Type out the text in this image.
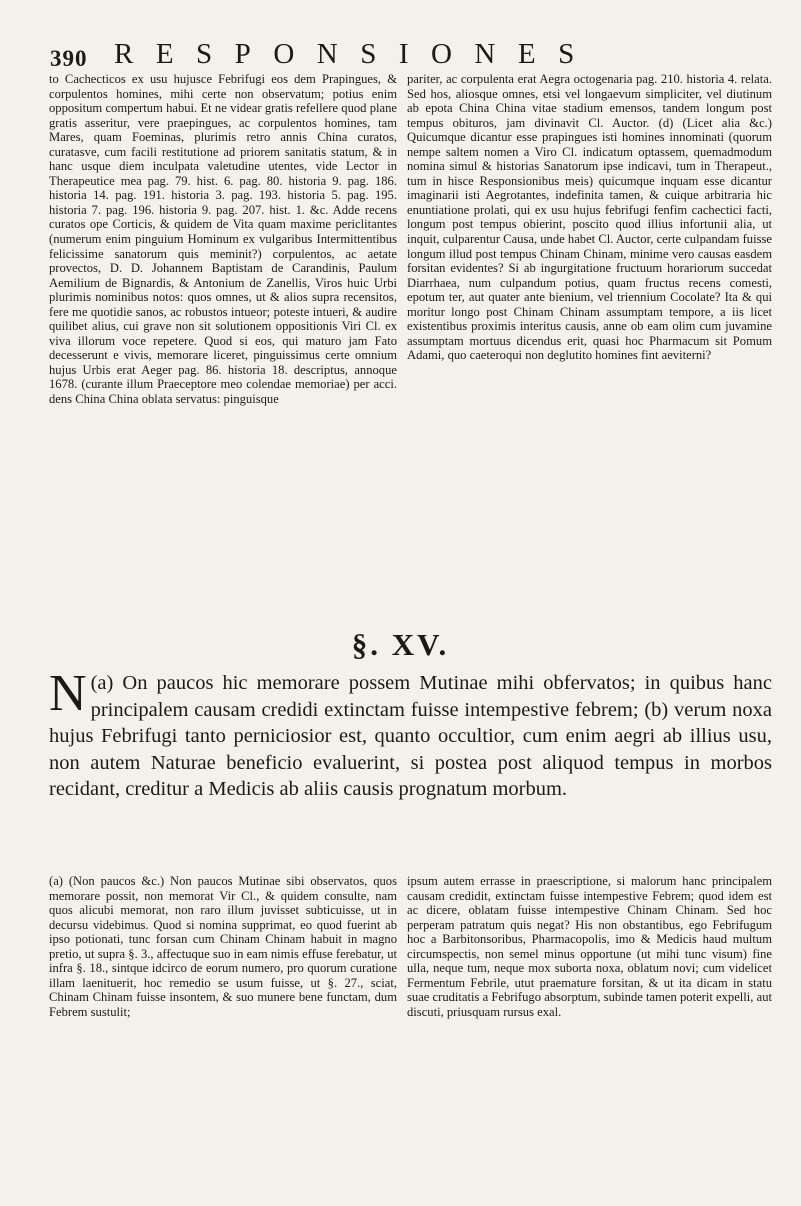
390 RESPONSIONES

to Cachecticos ex usu hujusce Febrifugi eos dem Prapingues, & corpulentos homines, mihi certe non observatum; potius enim oppositum compertum habui. Et ne videar gratis refellere quod plane gratis asseritur, vere praepingues, ac corpulentos homines, tam Mares, quam Foeminas, plurimis retro annis China curatos, curatasve, cum facili restitutione ad priorem sanitatis statum, & in hanc usque diem inculpata valetudine utentes, vide Lector in Therapeutice mea pag. 79. hist. 6. pag. 80. historia 9. pag. 186. historia 14. pag. 191. historia 3. pag. 193. historia 5. pag. 195. historia 7. pag. 196. historia 9. pag. 207. hist. 1. &c. Adde recens curatos ope Corticis, & quidem de Vita quam maxime periclitantes (numerum enim pinguium Hominum ex vulgaribus Intermittentibus felicissime sanatorum quis meminit?) corpulentos, ac aetate provectos, D. D. Johannem Baptistam de Carandinis, Paulum Aemilium de Bignardis, & Antonium de Zanellis, Viros huic Urbi plurimis nominibus notos: quos omnes, ut & alios supra recensitos, fere me quotidie sanos, ac robustos intueor; poteste intueri, & audire quilibet alius, cui grave non sit solutionem oppositionis Viri Cl. ex viva illorum voce repetere. Quod si eos, qui maturo jam Fato decesserunt e vivis, memorare liceret, pinguissimus certe omnium hujus Urbis erat Aeger pag. 86. historia 18. descriptus, annoque 1678. (curante illum Praeceptore meo colendae memoriae) per acci. dens China China oblata servatus: pinguisque

pariter, ac corpulenta erat Aegra octogenaria pag. 210. historia 4. relata. Sed hos, aliosque omnes, etsi vel longaevum simpliciter, vel diutinum ab epota China China vitae stadium emensos, tandem longum post tempus obituros, jam divinavit Cl. Auctor. (d) (Licet alia &c.) Quicumque dicantur esse prapingues isti homines innominati (quorum nempe saltem nomen a Viro Cl. indicatum optassem, quemadmodum nomina simul & historias Sanatorum ipse indicavi, tum in Therapeut., tum in hisce Responsionibus meis) quicumque inquam esse dicantur imaginarii isti Aegrotantes, indefinita tamen, & cuique arbitraria hic enuntiatione prolati, qui ex usu hujus febrifugi fenfim cachectici facti, longum post tempus obierint, poscito quod illius infortunii alia, ut inquit, culparentur Causa, unde habet Cl. Auctor, certe culpandam fuisse longum illud post tempus Chinam Chinam, minime vero causas easdem forsitan evidentes? Si ab ingurgitatione fructuum horariorum succedat Diarrhaea, num culpandum potius, quam fructus recens comesti, epotum ter, aut quater ante bienium, vel triennium Cocolate? Ita & qui moritur longo post Chinam Chinam assumptam tempore, a iis licet existentibus proximis interitus causis, anne ob eam olim cum juvamine assumptam mortuus dicendus erit, quasi hoc Pharmacum sit Pomum Adami, quo caeteroqui non deglutito homines fint aeviterni?

§. XV.

(a)
N On paucos hic memorare possem Mutinae mihi obfervatos; in quibus hanc principalem causam credidi extinctam fuisse intempestive febrem; (b) verum noxa hujus Febrifugi tanto perniciosior est, quanto occultior, cum enim aegri ab illius usu, non autem Naturae beneficio evaluerint, si postea post aliquod tempus in morbos recidant, creditur a Medicis ab aliis causis prognatum morbum.

(a) (Non paucos &c.) Non paucos Mutinae sibi observatos, quos memorare possit, non memorat Vir Cl., & quidem consulte, nam quos alicubi memorat, non raro illum juvisset subticuisse, ut in decursu videbimus. Quod si nomina supprimat, eo quod fuerint ab ipso potionati, tunc forsan cum Chinam Chinam habuit in magno pretio, ut supra §. 3., affectuque suo in eam nimis effuse ferebatur, ut infra §. 18., sintque idcirco de eorum numero, pro quorum curatione illam laenituerit, hoc remedio se usum fuisse, ut §. 27., sciat, Chinam Chinam fuisse insontem, & suo munere bene functam, dum Febrem sustulit;

ipsum autem errasse in praescriptione, si malorum hanc principalem causam credidit, extinctam fuisse intempestive Febrem; quod idem est ac dicere, oblatam fuisse intempestive Chinam Chinam. Sed hoc perperam patratum quis negat? His non obstantibus, ego Febrifugum hoc a Barbitonsoribus, Pharmacopolis, imo & Medicis haud multum circumspectis, non semel minus opportune (ut mihi tunc visum) fine ulla, neque tum, neque mox suborta noxa, oblatum novi; cum videlicet Fermentum Febrile, utut praemature forsitan, & ut ita dicam in statu suae cruditatis a Febrifugo absorptum, subinde tamen poterit expelli, aut discuti, priusquam rursus exal.
